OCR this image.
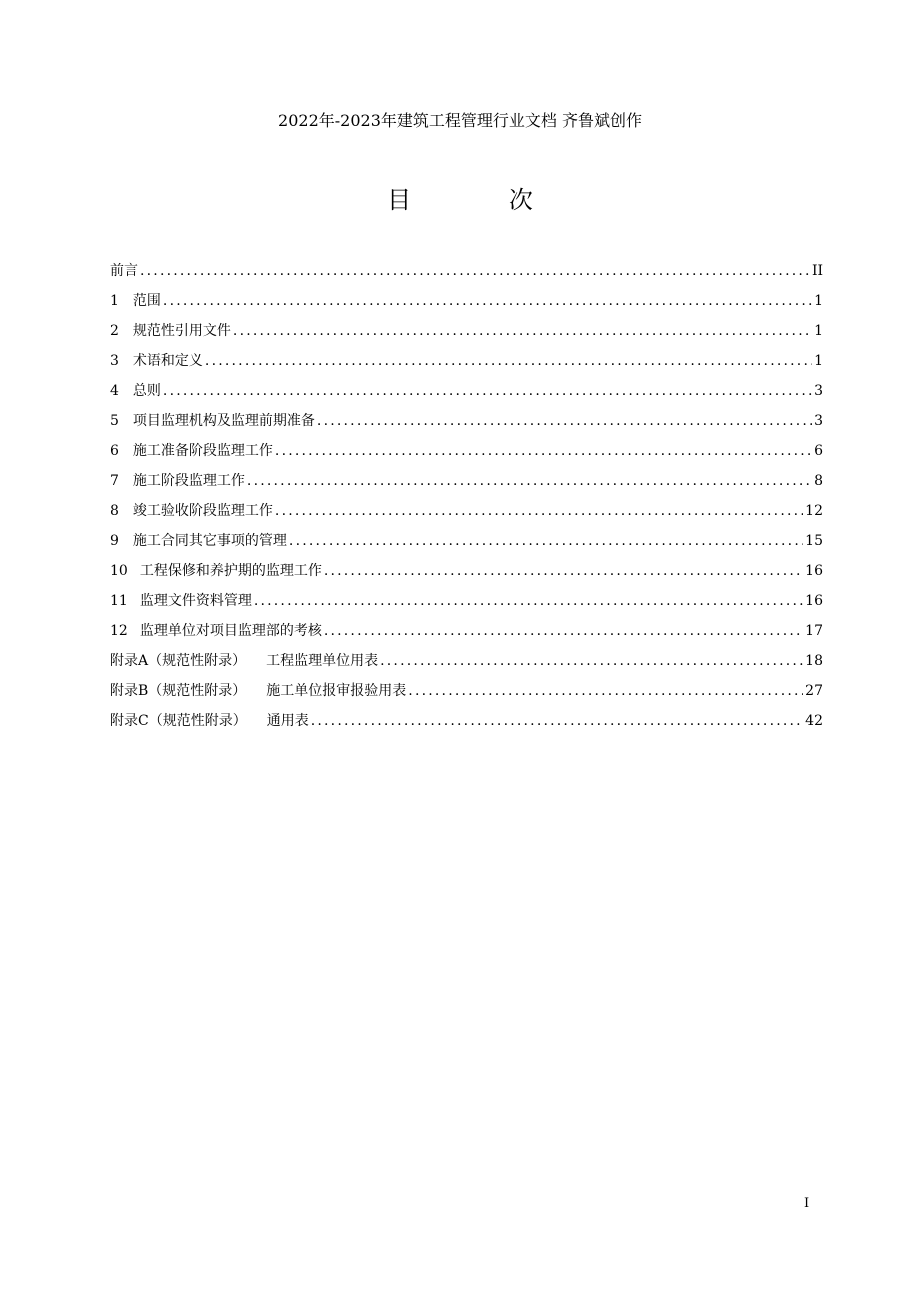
2022年-2023年建筑工程管理行业文档 齐鲁斌创作
目	次
前言 .....	II
1 范围 .....	1
2 规范性引用文件 .....	1
3 术语和定义 .....	1
4 总则 .....	3
5 项目监理机构及监理前期准备 .....	3
6 施工准备阶段监理工作 .....	6
7 施工阶段监理工作 .....	8
8 竣工验收阶段监理工作 .....	12
9 施工合同其它事项的管理 .....	15
10 工程保修和养护期的监理工作 .....	16
11 监理文件资料管理 .....	16
12 监理单位对项目监理部的考核 .....	17
附录A（规范性附录） 工程监理单位用表 .....	18
附录B（规范性附录） 施工单位报审报验用表 .....	27
附录C（规范性附录） 通用表 .....	42
I
